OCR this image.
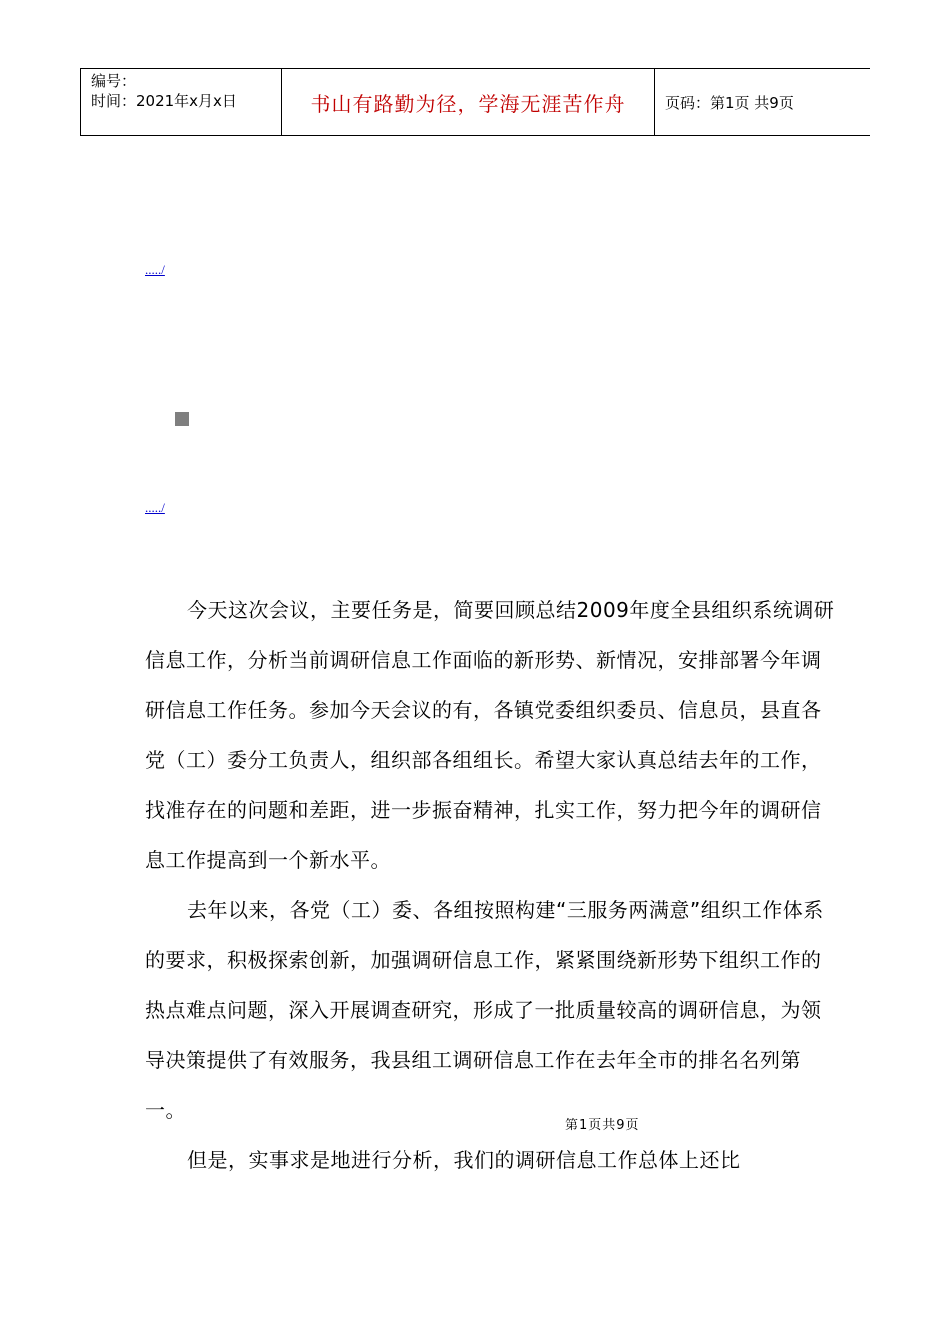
编号：
时间：2021年x月x日	书山有路勤为径，学海无涯苦作舟	页码：第1页 共9页
...../
...../

今天这次会议，主要任务是，简要回顾总结2009年度全县组织系统调研信息工作，分析当前调研信息工作面临的新形势、新情况，安排部署今年调研信息工作任务。参加今天会议的有，各镇党委组织委员、信息员，县直各党（工）委分工负责人，组织部各组组长。希望大家认真总结去年的工作，找准存在的问题和差距，进一步振奋精神，扎实工作，努力把今年的调研信息工作提高到一个新水平。

去年以来，各党（工）委、各组按照构建“三服务两满意”组织工作体系的要求，积极探索创新，加强调研信息工作，紧紧围绕新形势下组织工作的热点难点问题，深入开展调查研究，形成了一批质量较高的调研信息，为领导决策提供了有效服务，我县组工调研信息工作在去年全市的排名名列第一。

但是，实事求是地进行分析，我们的调研信息工作总体上还比

第1页共9页
